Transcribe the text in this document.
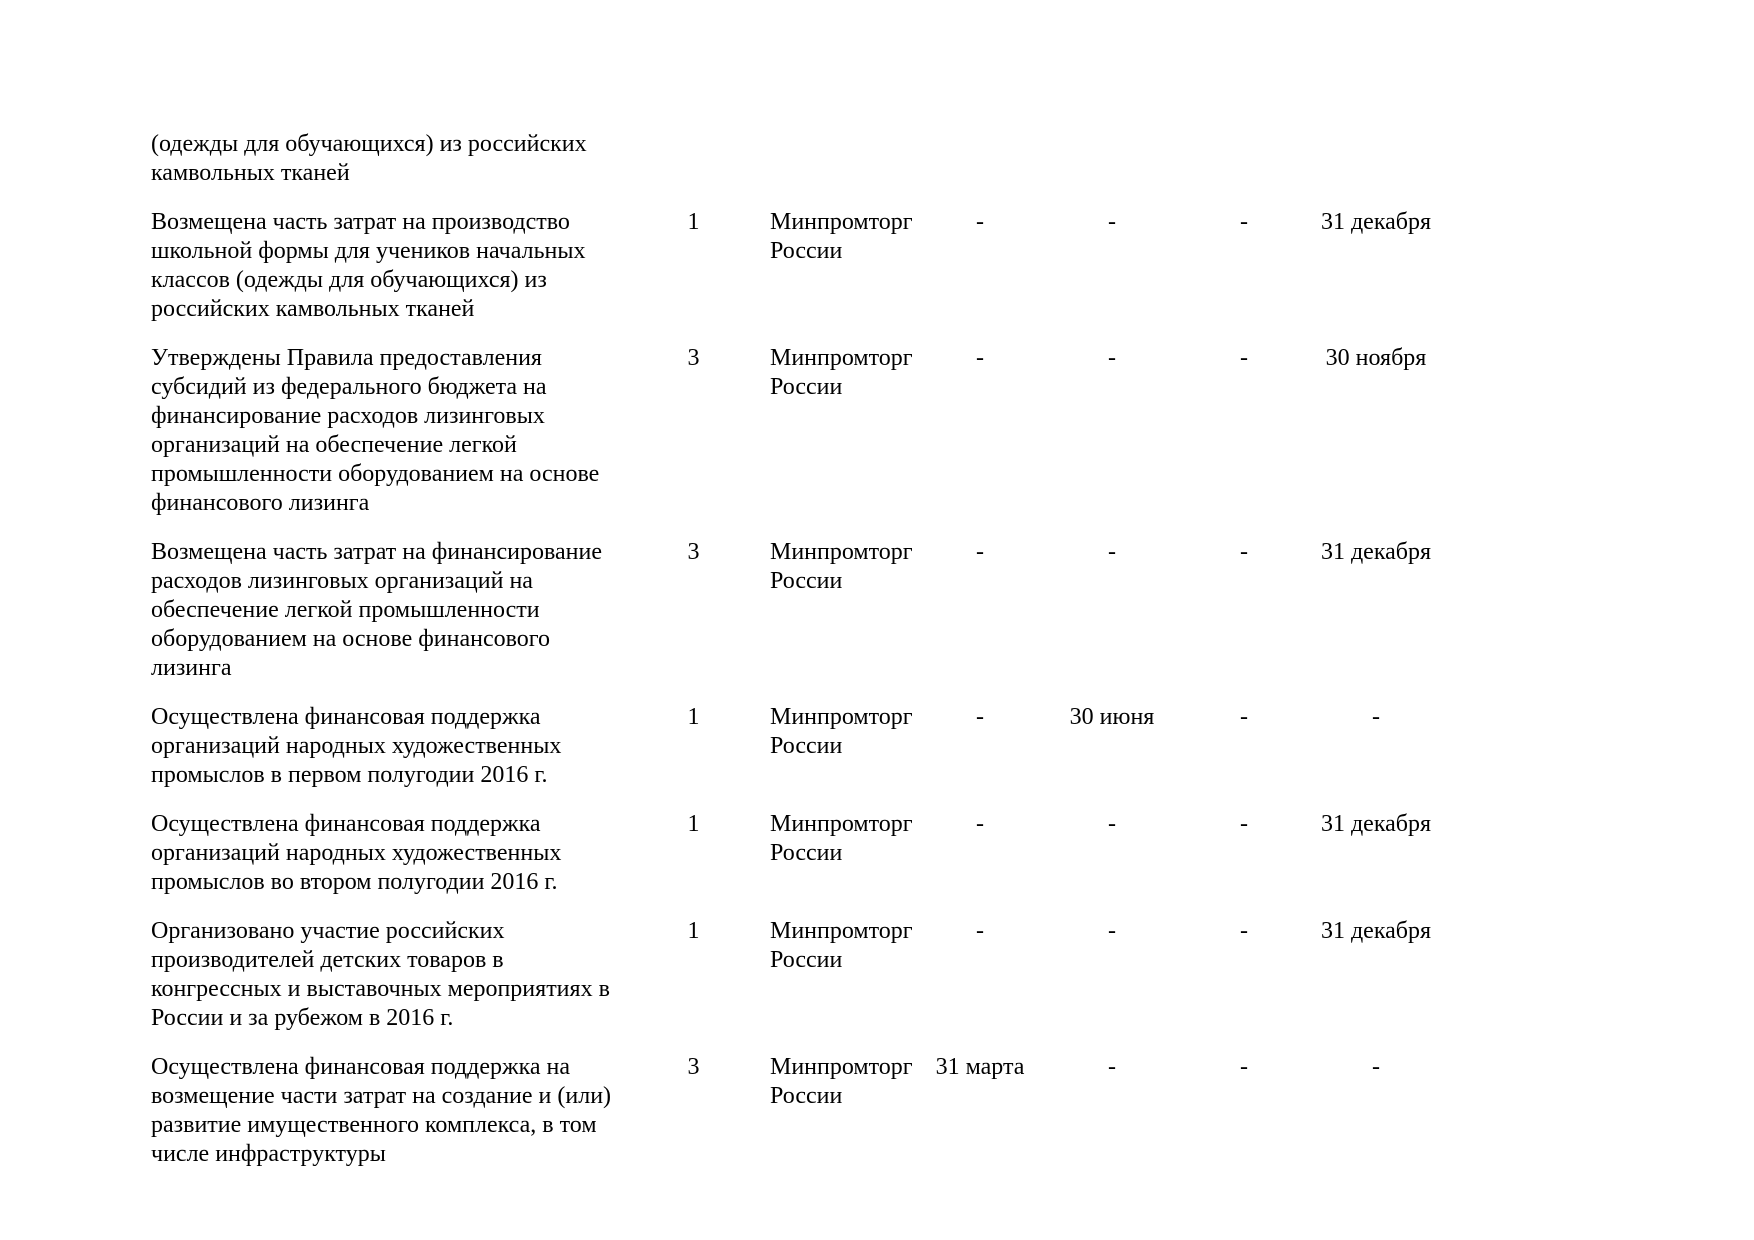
(одежды для обучающихся) из российских камвольных тканей						
Возмещена часть затрат на производство школьной формы для учеников начальных классов (одежды для обучающихся) из российских камвольных тканей	1	Минпромторг России	-	-	-	31 декабря
Утверждены Правила предоставления субсидий из федерального бюджета на финансирование расходов лизинговых организаций на обеспечение легкой промышленности оборудованием на основе финансового лизинга	3	Минпромторг России	-	-	-	30 ноября
Возмещена часть затрат на финансирование расходов лизинговых организаций на обеспечение легкой промышленности оборудованием на основе финансового лизинга	3	Минпромторг России	-	-	-	31 декабря
Осуществлена финансовая поддержка организаций народных художественных промыслов в первом полугодии 2016 г.	1	Минпромторг России	-	30 июня	-	-
Осуществлена финансовая поддержка организаций народных художественных промыслов во втором полугодии 2016 г.	1	Минпромторг России	-	-	-	31 декабря
Организовано участие российских производителей детских товаров в конгрессных и выставочных мероприятиях в России и за рубежом в 2016 г.	1	Минпромторг России	-	-	-	31 декабря
Осуществлена финансовая поддержка на возмещение части затрат на создание и (или) развитие имущественного комплекса, в том числе инфраструктуры	3	Минпромторг России	31 марта	-	-	-
